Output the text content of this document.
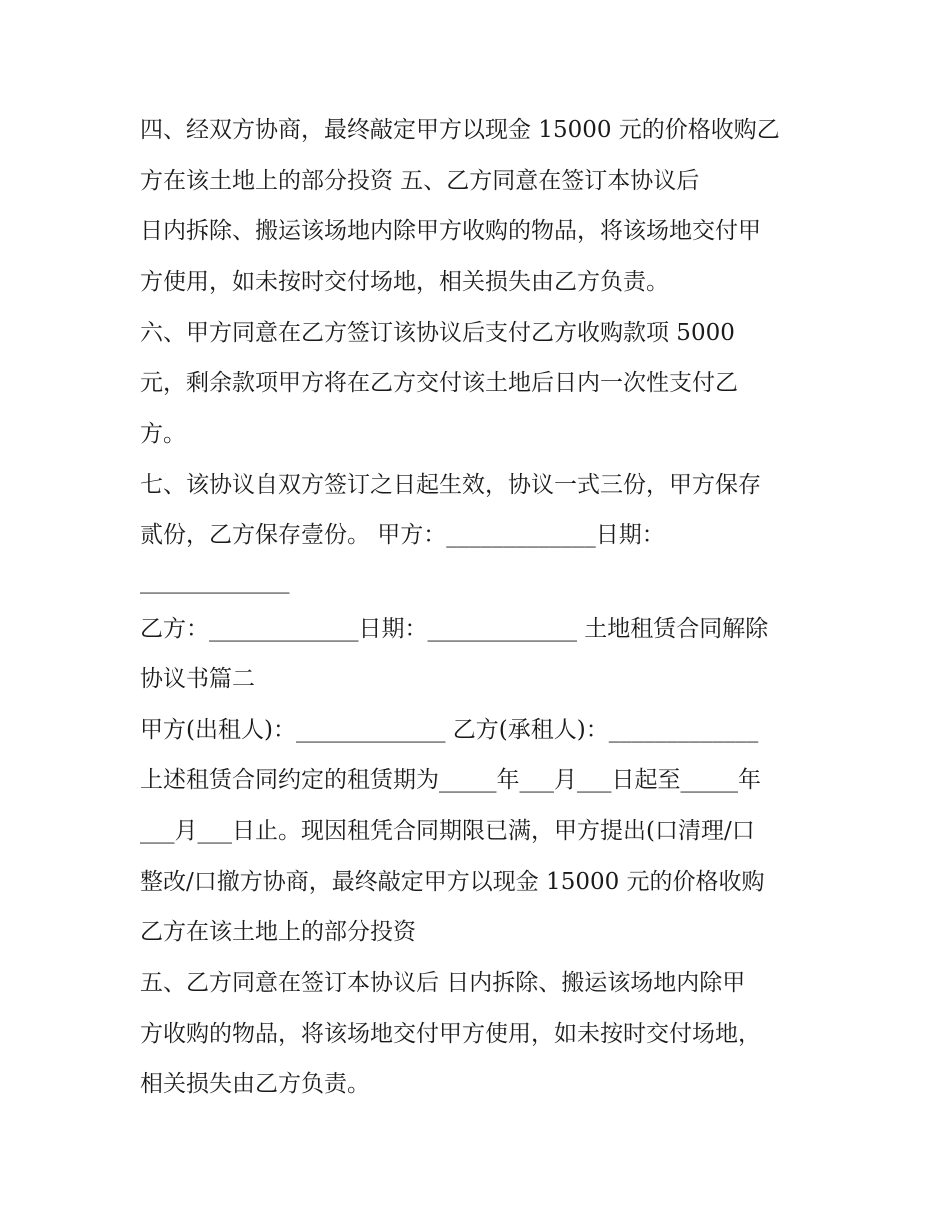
四、经双方协商，最终敲定甲方以现金 15000 元的价格收购乙
方在该土地上的部分投资 五、乙方同意在签订本协议后
日内拆除、搬运该场地内除甲方收购的物品，将该场地交付甲
方使用，如未按时交付场地，相关损失由乙方负责。
六、甲方同意在乙方签订该协议后支付乙方收购款项 5000
元，剩余款项甲方将在乙方交付该土地后日内一次性支付乙
方。
七、该协议自双方签订之日起生效，协议一式三份，甲方保存
贰份，乙方保存壹份。 甲方：_____________日期：
_____________
乙方：_____________日期：_____________ 土地租赁合同解除
协议书篇二
甲方(出租人)：_____________ 乙方(承租人)：_____________
上述租赁合同约定的租赁期为_____年___月___日起至_____年
___月___日止。现因租凭合同期限已满，甲方提出(口清理/口
整改/口撤方协商，最终敲定甲方以现金 15000 元的价格收购
乙方在该土地上的部分投资
五、乙方同意在签订本协议后 日内拆除、搬运该场地内除甲
方收购的物品，将该场地交付甲方使用，如未按时交付场地，
相关损失由乙方负责。
